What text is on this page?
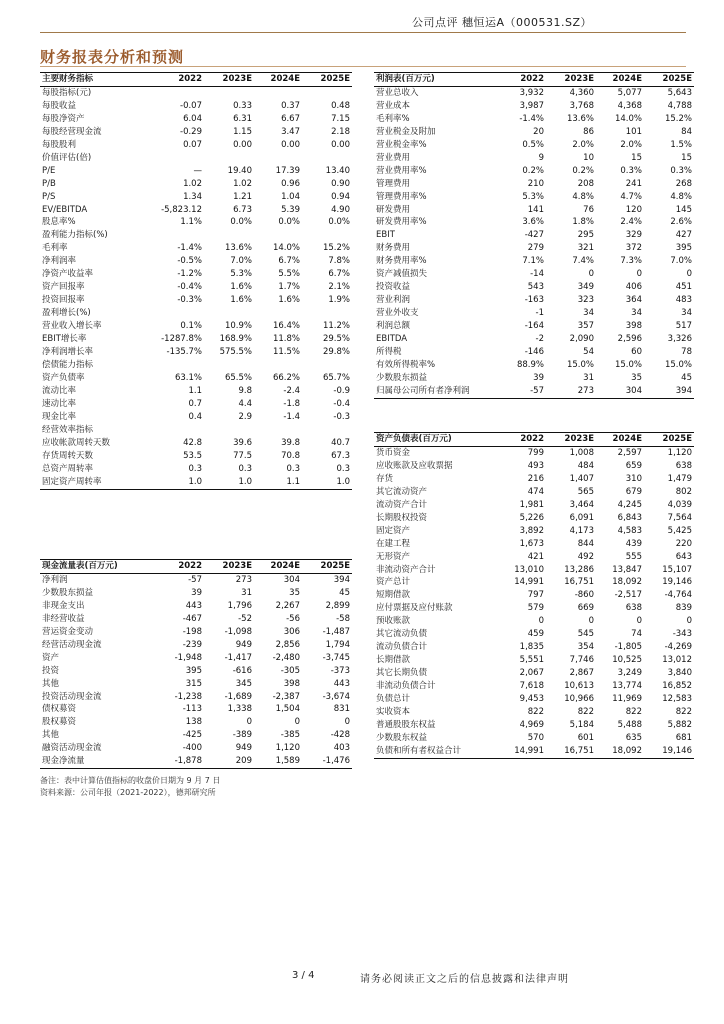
公司点评 穗恒运A（000531.SZ）
财务报表分析和预测
主要财务指标	2022	2023E	2024E	2025E
每股指标(元)				
每股收益	-0.07	0.33	0.37	0.48
每股净资产	6.04	6.31	6.67	7.15
每股经营现金流	-0.29	1.15	3.47	2.18
每股股利	0.07	0.00	0.00	0.00
价值评估(倍)				
P/E	—	19.40	17.39	13.40
P/B	1.02	1.02	0.96	0.90
P/S	1.34	1.21	1.04	0.94
EV/EBITDA	-5,823.12	6.73	5.39	4.90
股息率%	1.1%	0.0%	0.0%	0.0%
盈利能力指标(%)				
毛利率	-1.4%	13.6%	14.0%	15.2%
净利润率	-0.5%	7.0%	6.7%	7.8%
净资产收益率	-1.2%	5.3%	5.5%	6.7%
资产回报率	-0.4%	1.6%	1.7%	2.1%
投资回报率	-0.3%	1.6%	1.6%	1.9%
盈利增长(%)				
营业收入增长率	0.1%	10.9%	16.4%	11.2%
EBIT增长率	-1287.8%	168.9%	11.8%	29.5%
净利润增长率	-135.7%	575.5%	11.5%	29.8%
偿债能力指标				
资产负债率	63.1%	65.5%	66.2%	65.7%
流动比率	1.1	9.8	-2.4	-0.9
速动比率	0.7	4.4	-1.8	-0.4
现金比率	0.4	2.9	-1.4	-0.3
经营效率指标				
应收帐款周转天数	42.8	39.6	39.8	40.7
存货周转天数	53.5	77.5	70.8	67.3
总资产周转率	0.3	0.3	0.3	0.3
固定资产周转率	1.0	1.0	1.1	1.0
利润表(百万元)	2022	2023E	2024E	2025E
营业总收入	3,932	4,360	5,077	5,643
营业成本	3,987	3,768	4,368	4,788
毛利率%	-1.4%	13.6%	14.0%	15.2%
营业税金及附加	20	86	101	84
营业税金率%	0.5%	2.0%	2.0%	1.5%
营业费用	9	10	15	15
营业费用率%	0.2%	0.2%	0.3%	0.3%
管理费用	210	208	241	268
管理费用率%	5.3%	4.8%	4.7%	4.8%
研发费用	141	76	120	145
研发费用率%	3.6%	1.8%	2.4%	2.6%
EBIT	-427	295	329	427
财务费用	279	321	372	395
财务费用率%	7.1%	7.4%	7.3%	7.0%
资产减值损失	-14	0	0	0
投资收益	543	349	406	451
营业利润	-163	323	364	483
营业外收支	-1	34	34	34
利润总额	-164	357	398	517
EBITDA	-2	2,090	2,596	3,326
所得税	-146	54	60	78
有效所得税率%	88.9%	15.0%	15.0%	15.0%
少数股东损益	39	31	35	45
归属母公司所有者净利润	-57	273	304	394
资产负债表(百万元)	2022	2023E	2024E	2025E
货币资金	799	1,008	2,597	1,120
应收账款及应收票据	493	484	659	638
存货	216	1,407	310	1,479
其它流动资产	474	565	679	802
流动资产合计	1,981	3,464	4,245	4,039
长期股权投资	5,226	6,091	6,843	7,564
固定资产	3,892	4,173	4,583	5,425
在建工程	1,673	844	439	220
无形资产	421	492	555	643
非流动资产合计	13,010	13,286	13,847	15,107
资产总计	14,991	16,751	18,092	19,146
短期借款	797	-860	-2,517	-4,764
应付票据及应付账款	579	669	638	839
预收账款	0	0	0	0
其它流动负债	459	545	74	-343
流动负债合计	1,835	354	-1,805	-4,269
长期借款	5,551	7,746	10,525	13,012
其它长期负债	2,067	2,867	3,249	3,840
非流动负债合计	7,618	10,613	13,774	16,852
负债总计	9,453	10,966	11,969	12,583
实收资本	822	822	822	822
普通股股东权益	4,969	5,184	5,488	5,882
少数股东权益	570	601	635	681
负债和所有者权益合计	14,991	16,751	18,092	19,146
现金流量表(百万元)	2022	2023E	2024E	2025E
净利润	-57	273	304	394
少数股东损益	39	31	35	45
非现金支出	443	1,796	2,267	2,899
非经营收益	-467	-52	-56	-58
营运资金变动	-198	-1,098	306	-1,487
经营活动现金流	-239	949	2,856	1,794
资产	-1,948	-1,417	-2,480	-3,745
投资	395	-616	-305	-373
其他	315	345	398	443
投资活动现金流	-1,238	-1,689	-2,387	-3,674
债权募资	-113	1,338	1,504	831
股权募资	138	0	0	0
其他	-425	-389	-385	-428
融资活动现金流	-400	949	1,120	403
现金净流量	-1,878	209	1,589	-1,476
备注：表中计算估值指标的收盘价日期为 9 月 7 日
资料来源：公司年报（2021-2022），德邦研究所
3 / 4	请务必阅读正文之后的信息披露和法律声明
